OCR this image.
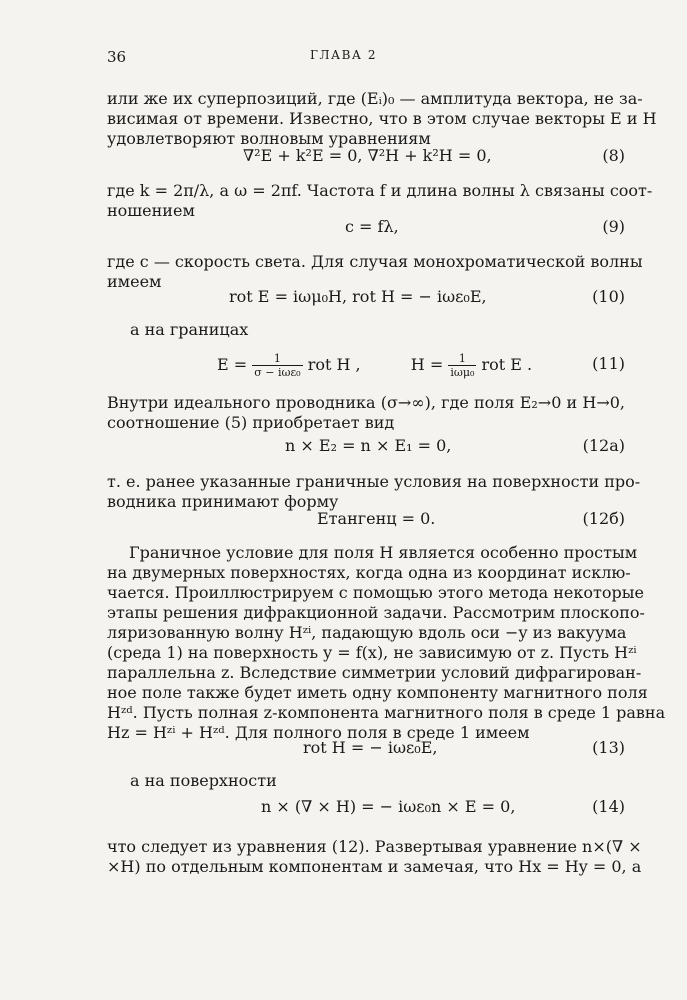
36	ГЛАВА 2
или же их суперпозиций, где (Eᵢ)₀ — амплитуда вектора, не за-
висимая от времени. Известно, что в этом случае векторы E и H
удовлетворяют волновым уравнениям
∇²E + k²E = 0, ∇²H + k²H = 0,	(8)
где k = 2π/λ, а ω = 2πf. Частота f и длина волны λ связаны соот-
ношением
c = fλ,	(9)
где c — скорость света. Для случая монохроматической волны
имеем
rot E = iωμ₀H, rot H = − iωε₀E,	(10)
а на границах
$E = \frac{1}{\text{σ − iωε₀}}$ rot H ,	$H = \frac{1}{\text{iωμ₀}}$ rot E .	(11)
Внутри идеального проводника (σ→∞), где поля E₂→0 и H→0,
соотношение (5) приобретает вид
n × E₂ = n × E₁ = 0,	(12а)
т. е. ранее указанные граничные условия на поверхности про-
водника принимают форму
Eтангенц = 0.	(12б)
Граничное условие для поля H является особенно простым
на двумерных поверхностях, когда одна из координат исклю-
чается. Проиллюстрируем с помощью этого метода некоторые
этапы решения дифракционной задачи. Рассмотрим плоскопо-
ляризованную волну Hᶻⁱ, падающую вдоль оси −y из вакуума
(среда 1) на поверхность y = f(x), не зависимую от z. Пусть Hᶻⁱ
параллельна z. Вследствие симметрии условий дифрагирован-
ное поле также будет иметь одну компоненту магнитного поля
Hᶻᵈ. Пусть полная z-компонента магнитного поля в среде 1 равна
Hz = Hᶻⁱ + Hᶻᵈ. Для полного поля в среде 1 имеем
rot H = − iωε₀E,	(13)
а на поверхности
n × (∇ × H) = − iωε₀n × E = 0,	(14)
что следует из уравнения (12). Развертывая уравнение n×(∇ ×
×H) по отдельным компонентам и замечая, что Hx = Hy = 0, а
